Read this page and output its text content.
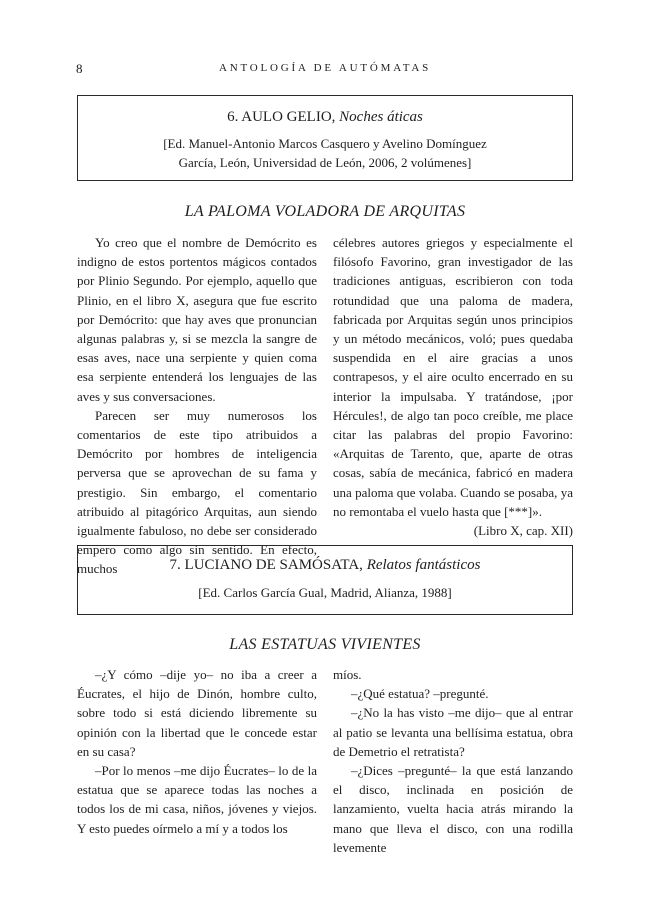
8	ANTOLOGÍA DE AUTÓMATAS
6. AULO GELIO, Noches áticas
[Ed. Manuel-Antonio Marcos Casquero y Avelino Domínguez
García, León, Universidad de León, 2006, 2 volúmenes]
LA PALOMA VOLADORA DE ARQUITAS

Yo creo que el nombre de Demócrito es indigno de estos portentos mágicos contados por Plinio Segundo. Por ejemplo, aquello que Plinio, en el libro X, asegura que fue escrito por Demócrito: que hay aves que pronuncian algunas palabras y, si se mezcla la sangre de esas aves, nace una serpiente y quien coma esa serpiente entenderá los lenguajes de las aves y sus conversaciones.

Parecen ser muy numerosos los comentarios de este tipo atribuidos a Demócrito por hombres de inteligencia perversa que se aprovechan de su fama y prestigio. Sin embargo, el comentario atribuido al pitagórico Arquitas, aun siendo igualmente fabuloso, no debe ser considerado empero como algo sin sentido. En efecto, muchos

célebres autores griegos y especialmente el filósofo Favorino, gran investigador de las tradiciones antiguas, escribieron con toda rotundidad que una paloma de madera, fabricada por Arquitas según unos principios y un método mecánicos, voló; pues quedaba suspendida en el aire gracias a unos contrapesos, y el aire oculto encerrado en su interior la impulsaba. Y tratándose, ¡por Hércules!, de algo tan poco creíble, me place citar las palabras del propio Favorino: «Arquitas de Tarento, que, aparte de otras cosas, sabía de mecánica, fabricó en madera una paloma que volaba. Cuando se posaba, ya no remontaba el vuelo hasta que [***]».

(Libro X, cap. XII)

7. LUCIANO DE SAMÓSATA, Relatos fantásticos
[Ed. Carlos García Gual, Madrid, Alianza, 1988]
LAS ESTATUAS VIVIENTES

–¿Y cómo –dije yo– no iba a creer a Éucrates, el hijo de Dinón, hombre culto, sobre todo si está diciendo libremente su opinión con la libertad que le concede estar en su casa?

–Por lo menos –me dijo Éucrates– lo de la estatua que se aparece todas las noches a todos los de mi casa, niños, jóvenes y viejos. Y esto puedes oírmelo a mí y a todos los

míos.

–¿Qué estatua? –pregunté.

–¿No la has visto –me dijo– que al entrar al patio se levanta una bellísima estatua, obra de Demetrio el retratista?

–¿Dices –pregunté– la que está lanzando el disco, inclinada en posición de lanzamiento, vuelta hacia atrás mirando la mano que lleva el disco, con una rodilla levemente
